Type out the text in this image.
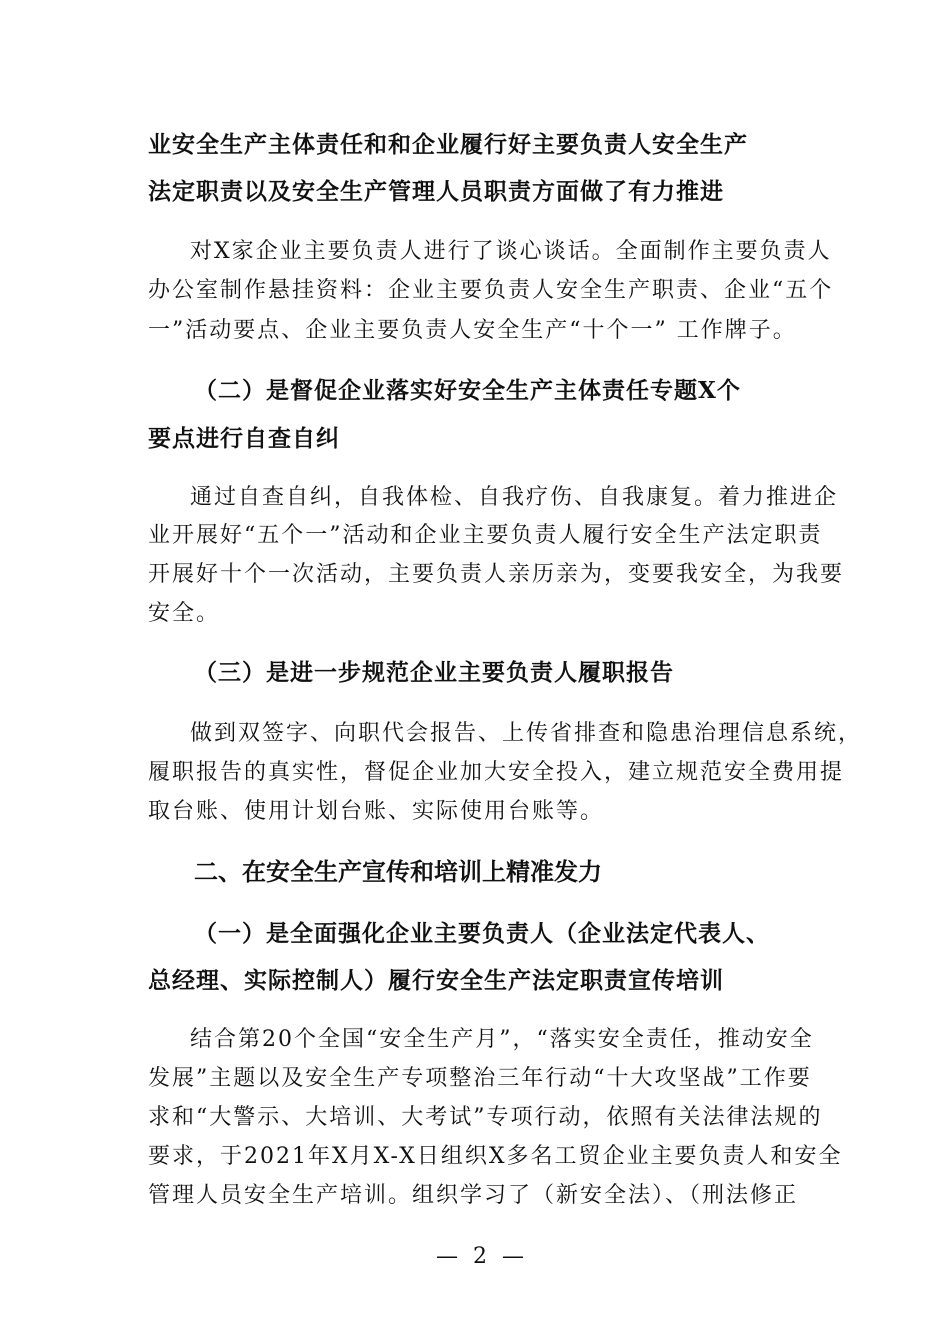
业安全生产主体责任和和企业履行好主要负责人安全生产
法定职责以及安全生产管理人员职责方面做了有力推进
对X家企业主要负责人进行了谈心谈话。全面制作主要负责人
办公室制作悬挂资料：企业主要负责人安全生产职责、企业“五个
一”活动要点、企业主要负责人安全生产“十个一” 工作牌子。
（二）是督促企业落实好安全生产主体责任专题X个
要点进行自查自纠
通过自查自纠，自我体检、自我疗伤、自我康复。着力推进企
业开展好“五个一”活动和企业主要负责人履行安全生产法定职责
开展好十个一次活动，主要负责人亲历亲为，变要我安全，为我要
安全。
（三）是进一步规范企业主要负责人履职报告
做到双签字、向职代会报告、上传省排查和隐患治理信息系统，
履职报告的真实性，督促企业加大安全投入，建立规范安全费用提
取台账、使用计划台账、实际使用台账等。
二、在安全生产宣传和培训上精准发力
（一）是全面强化企业主要负责人（企业法定代表人、
总经理、实际控制人）履行安全生产法定职责宣传培训
结合第20个全国“安全生产月”，“落实安全责任，推动安全
发展”主题以及安全生产专项整治三年行动“十大攻坚战”工作要
求和“大警示、大培训、大考试”专项行动，依照有关法律法规的
要求，于2021年X月X-X日组织X多名工贸企业主要负责人和安全
管理人员安全生产培训。组织学习了（新安全法）、（刑法修正
— 2 —
